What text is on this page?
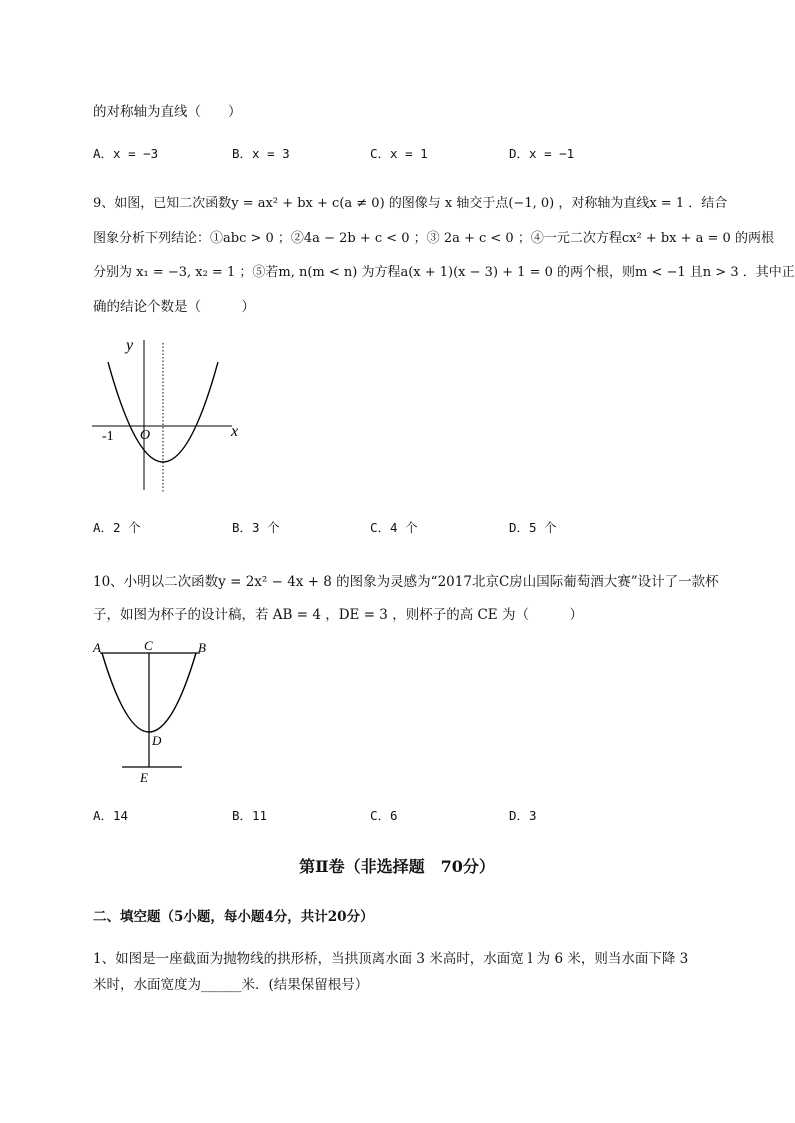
的对称轴为直线（　　）
A．x = −3	B．x = 3	C．x = 1	D．x = −1
9、如图，已知二次函数y = ax² + bx + c(a ≠ 0) 的图像与 x 轴交于点(−1, 0) ，对称轴为直线x = 1 ．结合
图象分析下列结论：①abc > 0 ；②4a − 2b + c < 0 ；③ 2a + c < 0 ；④一元二次方程cx² + bx + a = 0 的两根
分别为 x₁ = −3, x₂ = 1 ；⑤若m, n(m < n) 为方程a(x + 1)(x − 3) + 1 = 0 的两个根，则m < −1 且n > 3 ．其中正
确的结论个数是（　　　）
y
x
O
-1
A．2 个	B．3 个	C．4 个	D．5 个
10、小明以二次函数y = 2x² − 4x + 8 的图象为灵感为“2017北京C房山国际葡萄酒大赛”设计了一款杯
子，如图为杯子的设计稿，若 AB = 4 ，DE = 3 ，则杯子的高 CE 为（　　　）
A	C	B
D
E
A．14	B．11	C．6	D．3
第Ⅱ卷（非选择题　70分）
二、填空题（5小题，每小题4分，共计20分）
1、如图是一座截面为抛物线的拱形桥，当拱顶离水面 3 米高时，水面宽 l 为 6 米，则当水面下降 3
米时，水面宽度为______米．(结果保留根号）
